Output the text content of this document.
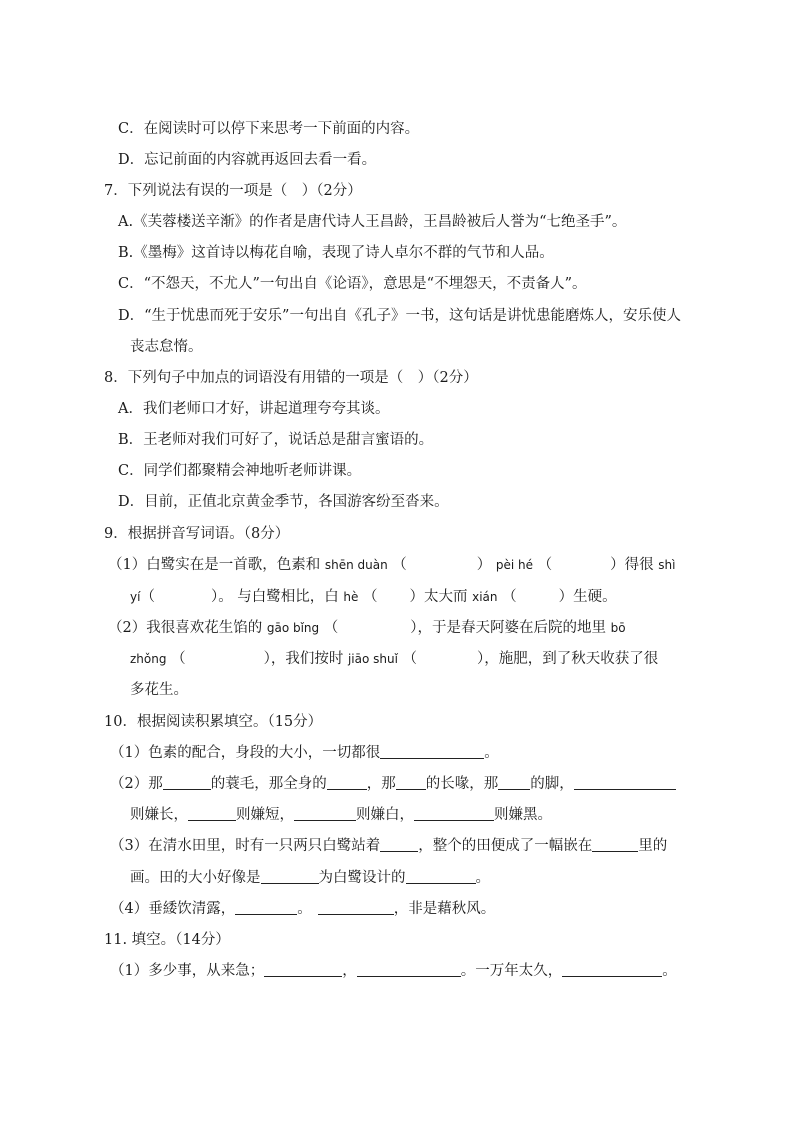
C．在阅读时可以停下来思考一下前面的内容。
D．忘记前面的内容就再返回去看一看。
7．下列说法有误的一项是（　）（2分）
A.《芙蓉楼送辛渐》的作者是唐代诗人王昌龄，王昌龄被后人誉为“七绝圣手”。
B.《墨梅》这首诗以梅花自喻，表现了诗人卓尔不群的气节和人品。
C．“不怨天，不尤人”一句出自《论语》，意思是“不埋怨天，不责备人”。
D．“生于忧患而死于安乐”一句出自《孔子》一书，这句话是讲忧患能磨炼人，安乐使人
丧志怠惰。
8．下列句子中加点的词语没有用错的一项是（　）（2分）
A．我们老师口才好，讲起道理夸夸其谈。
B．王老师对我们可好了，说话总是甜言蜜语的。
C．同学们都聚精会神地听老师讲课。
D．目前，正值北京黄金季节，各国游客纷至沓来。
9．根据拼音写词语。（8分）
（1）白鹭实在是一首歌，色素和 shēn duàn （	） pèi hé （	）得很 shì
yí（	）。 与白鹭相比，白 hè （ ）太大而 xián （	）生硬。
（2）我很喜欢花生馅的 gāo bǐng （	），于是春天阿婆在后院的地里 bō
zhǒng （	），我们按时 jiāo shuǐ （	），施肥，到了秋天收获了很
多花生。
10．根据阅读积累填空。（15分）
（1）色素的配合，身段的大小，一切都很	。
（2）那	的蓑毛，那全身的	，那 的长喙，那 的脚，
则嫌长，	则嫌短，	则嫌白，	则嫌黑。
（3）在清水田里，时有一只两只白鹭站着	，整个的田便成了一幅嵌在	里的
画。田的大小好像是	为白鹭设计的	。
（4）垂緌饮清露，	。	，非是藉秋风。
11. 填空。（14分）
（1）多少事，从来急；	，	。一万年太久，	。
